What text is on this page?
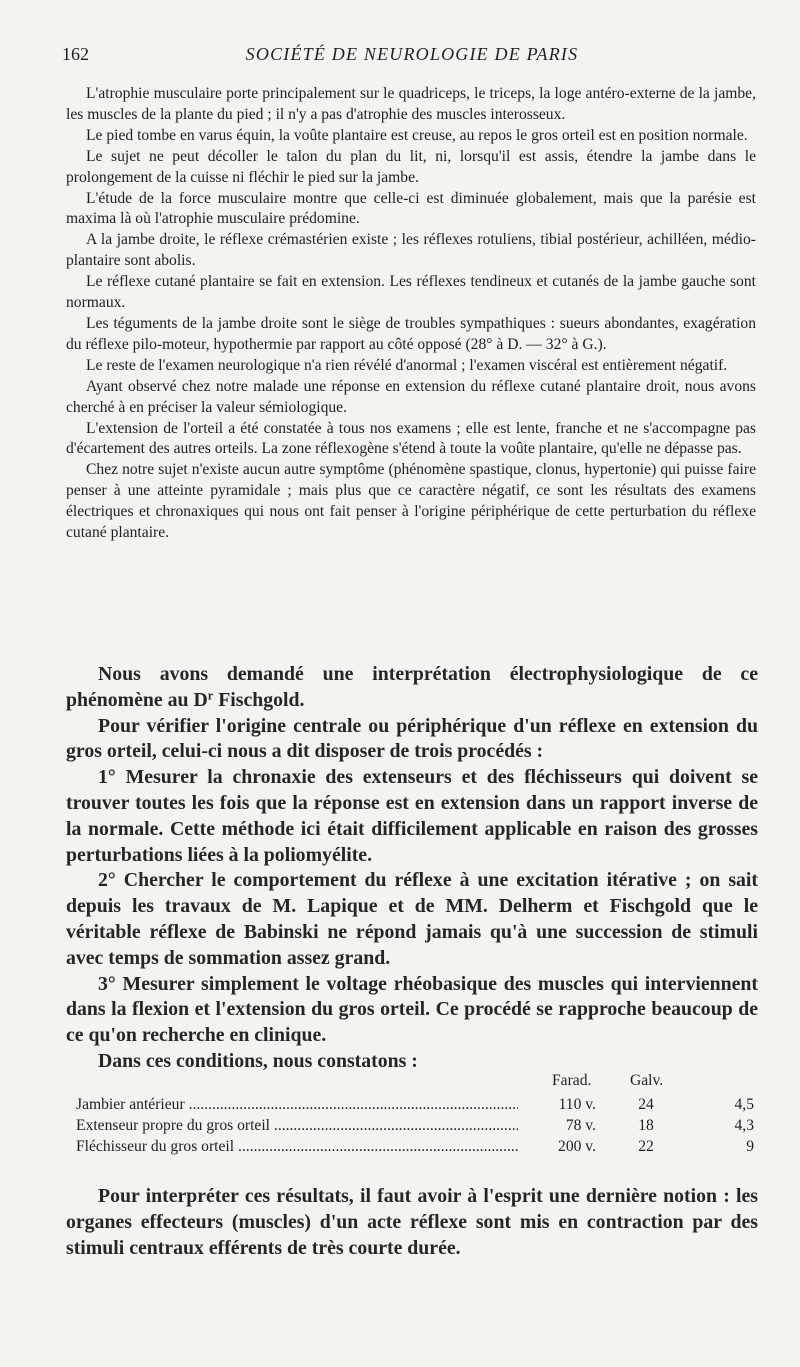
162	SOCIÉTÉ DE NEUROLOGIE DE PARIS

L'atrophie musculaire porte principalement sur le quadriceps, le triceps, la loge antéro-externe de la jambe, les muscles de la plante du pied ; il n'y a pas d'atrophie des muscles interosseux.

Le pied tombe en varus équin, la voûte plantaire est creuse, au repos le gros orteil est en position normale.

Le sujet ne peut décoller le talon du plan du lit, ni, lorsqu'il est assis, étendre la jambe dans le prolongement de la cuisse ni fléchir le pied sur la jambe.

L'étude de la force musculaire montre que celle-ci est diminuée globalement, mais que la parésie est maxima là où l'atrophie musculaire prédomine.

A la jambe droite, le réflexe crémastérien existe ; les réflexes rotuliens, tibial postérieur, achilléen, médio-plantaire sont abolis.

Le réflexe cutané plantaire se fait en extension. Les réflexes tendineux et cutanés de la jambe gauche sont normaux.

Les téguments de la jambe droite sont le siège de troubles sympathiques : sueurs abondantes, exagération du réflexe pilo-moteur, hypothermie par rapport au côté opposé (28° à D. — 32° à G.).

Le reste de l'examen neurologique n'a rien révélé d'anormal ; l'examen viscéral est entièrement négatif.

Ayant observé chez notre malade une réponse en extension du réflexe cutané plantaire droit, nous avons cherché à en préciser la valeur sémiologique.

L'extension de l'orteil a été constatée à tous nos examens ; elle est lente, franche et ne s'accompagne pas d'écartement des autres orteils. La zone réflexogène s'étend à toute la voûte plantaire, qu'elle ne dépasse pas.

Chez notre sujet n'existe aucun autre symptôme (phénomène spastique, clonus, hypertonie) qui puisse faire penser à une atteinte pyramidale ; mais plus que ce caractère négatif, ce sont les résultats des examens électriques et chronaxiques qui nous ont fait penser à l'origine périphérique de cette perturbation du réflexe cutané plantaire.

Nous avons demandé une interprétation électrophysiologique de ce phénomène au $D^r$ Fischgold.

Pour vérifier l'origine centrale ou périphérique d'un réflexe en extension du gros orteil, celui-ci nous a dit disposer de trois procédés :

1° Mesurer la chronaxie des extenseurs et des fléchisseurs qui doivent se trouver toutes les fois que la réponse est en extension dans un rapport inverse de la normale. Cette méthode ici était difficilement applicable en raison des grosses perturbations liées à la poliomyélite.

2° Chercher le comportement du réflexe à une excitation itérative ; on sait depuis les travaux de M. Lapique et de MM. Delherm et Fischgold que le véritable réflexe de Babinski ne répond jamais qu'à une succession de stimuli avec temps de sommation assez grand.

3° Mesurer simplement le voltage rhéobasique des muscles qui interviennent dans la flexion et l'extension du gros orteil. Ce procédé se rapproche beaucoup de ce qu'on recherche en clinique.

Dans ces conditions, nous constatons :

Farad. Galv.
Jambier antérieur .....	110 v.	24	4,5
Extenseur propre du gros orteil .....	78 v.	18	4,3
Fléchisseur du gros orteil .....	200 v.	22	9

Pour interpréter ces résultats, il faut avoir à l'esprit une dernière notion : les organes effecteurs (muscles) d'un acte réflexe sont mis en contraction par des stimuli centraux efférents de très courte durée.
